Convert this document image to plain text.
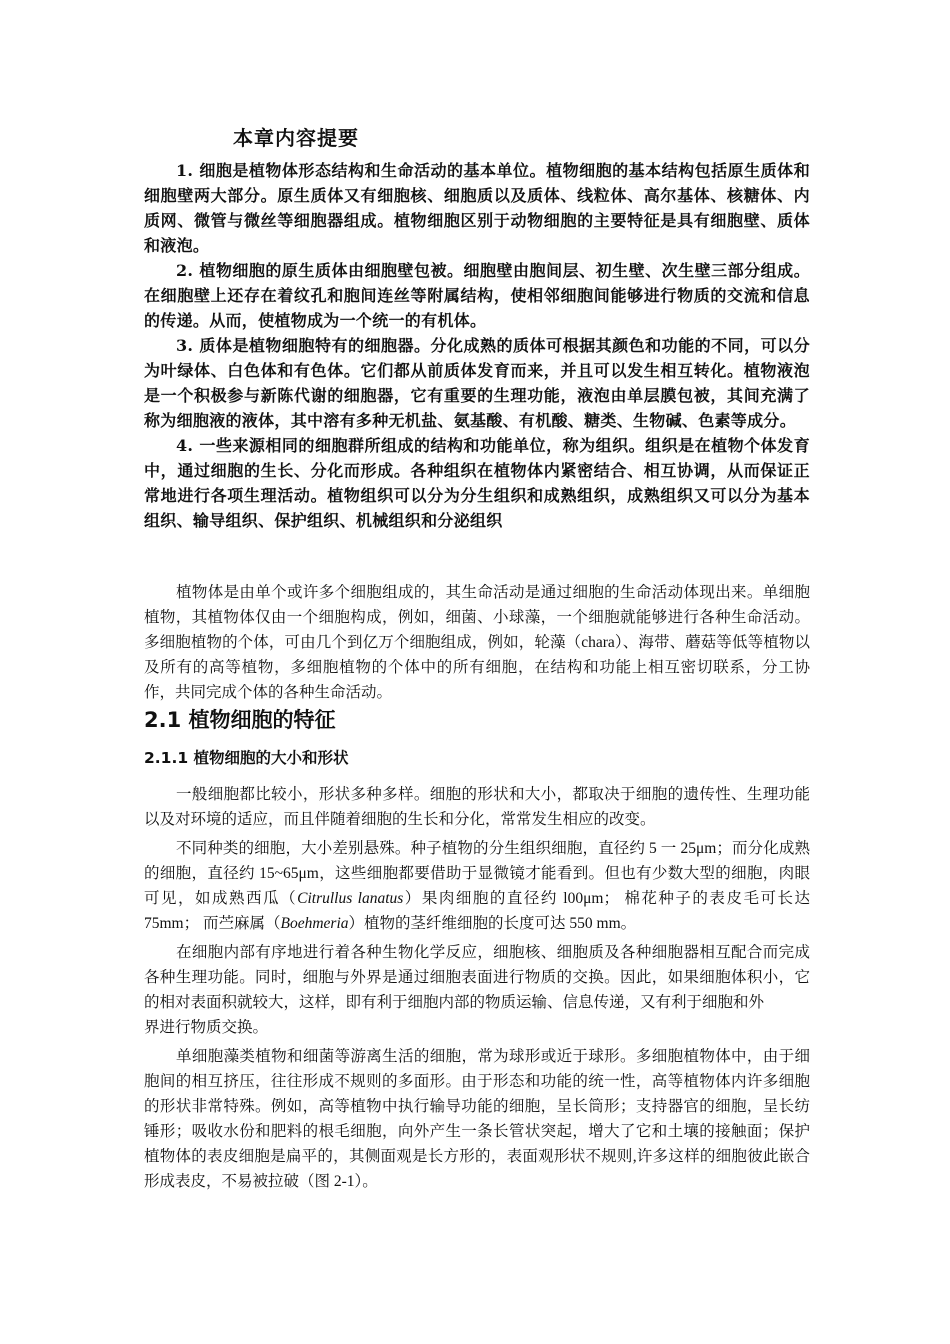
本章内容提要

1. 细胞是植物体形态结构和生命活动的基本单位。植物细胞的基本结构包括原生质体和细胞壁两大部分。原生质体又有细胞核、细胞质以及质体、线粒体、高尔基体、核糖体、内质网、微管与微丝等细胞器组成。植物细胞区别于动物细胞的主要特征是具有细胞壁、质体和液泡。

2. 植物细胞的原生质体由细胞壁包被。细胞壁由胞间层、初生壁、次生壁三部分组成。在细胞壁上还存在着纹孔和胞间连丝等附属结构，使相邻细胞间能够进行物质的交流和信息的传递。从而，使植物成为一个统一的有机体。

3. 质体是植物细胞特有的细胞器。分化成熟的质体可根据其颜色和功能的不同，可以分为叶绿体、白色体和有色体。它们都从前质体发育而来，并且可以发生相互转化。植物液泡是一个积极参与新陈代谢的细胞器，它有重要的生理功能，液泡由单层膜包被，其间充满了称为细胞液的液体，其中溶有多种无机盐、氨基酸、有机酸、糖类、生物碱、色素等成分。

4. 一些来源相同的细胞群所组成的结构和功能单位，称为组织。组织是在植物个体发育中，通过细胞的生长、分化而形成。各种组织在植物体内紧密结合、相互协调，从而保证正常地进行各项生理活动。植物组织可以分为分生组织和成熟组织，成熟组织又可以分为基本组织、输导组织、保护组织、机械组织和分泌组织

植物体是由单个或许多个细胞组成的，其生命活动是通过细胞的生命活动体现出来。单细胞植物，其植物体仅由一个细胞构成，例如，细菌、小球藻，一个细胞就能够进行各种生命活动。多细胞植物的个体，可由几个到亿万个细胞组成，例如，轮藻（chara）、海带、蘑菇等低等植物以及所有的高等植物，多细胞植物的个体中的所有细胞，在结构和功能上相互密切联系，分工协作，共同完成个体的各种生命活动。

2.1 植物细胞的特征
2.1.1 植物细胞的大小和形状

一般细胞都比较小，形状多种多样。细胞的形状和大小，都取决于细胞的遗传性、生理功能以及对环境的适应，而且伴随着细胞的生长和分化，常常发生相应的改变。

不同种类的细胞，大小差别悬殊。种子植物的分生组织细胞，直径约 5 一 25μm；而分化成熟的细胞，直径约 15~65μm，这些细胞都要借助于显微镜才能看到。但也有少数大型的细胞，肉眼可见，如成熟西瓜（Citrullus lanatus）果肉细胞的直径约 l00μm； 棉花种子的表皮毛可长达 75mm； 而苎麻属（Boehmeria）植物的茎纤维细胞的长度可达 550 mm。

在细胞内部有序地进行着各种生物化学反应，细胞核、细胞质及各种细胞器相互配合而完成各种生理功能。同时，细胞与外界是通过细胞表面进行物质的交换。因此，如果细胞体积小，它的相对表面积就较大，这样，即有利于细胞内部的物质运输、信息传递，又有利于细胞和外

界进行物质交换。

单细胞藻类植物和细菌等游离生活的细胞，常为球形或近于球形。多细胞植物体中，由于细胞间的相互挤压，往往形成不规则的多面形。由于形态和功能的统一性，高等植物体内许多细胞的形状非常特殊。例如，高等植物中执行输导功能的细胞，呈长筒形；支持器官的细胞，呈长纺锤形；吸收水份和肥料的根毛细胞，向外产生一条长管状突起，增大了它和土壤的接触面；保护植物体的表皮细胞是扁平的，其侧面观是长方形的，表面观形状不规则,许多这样的细胞彼此嵌合形成表皮，不易被拉破（图 2-1）。
